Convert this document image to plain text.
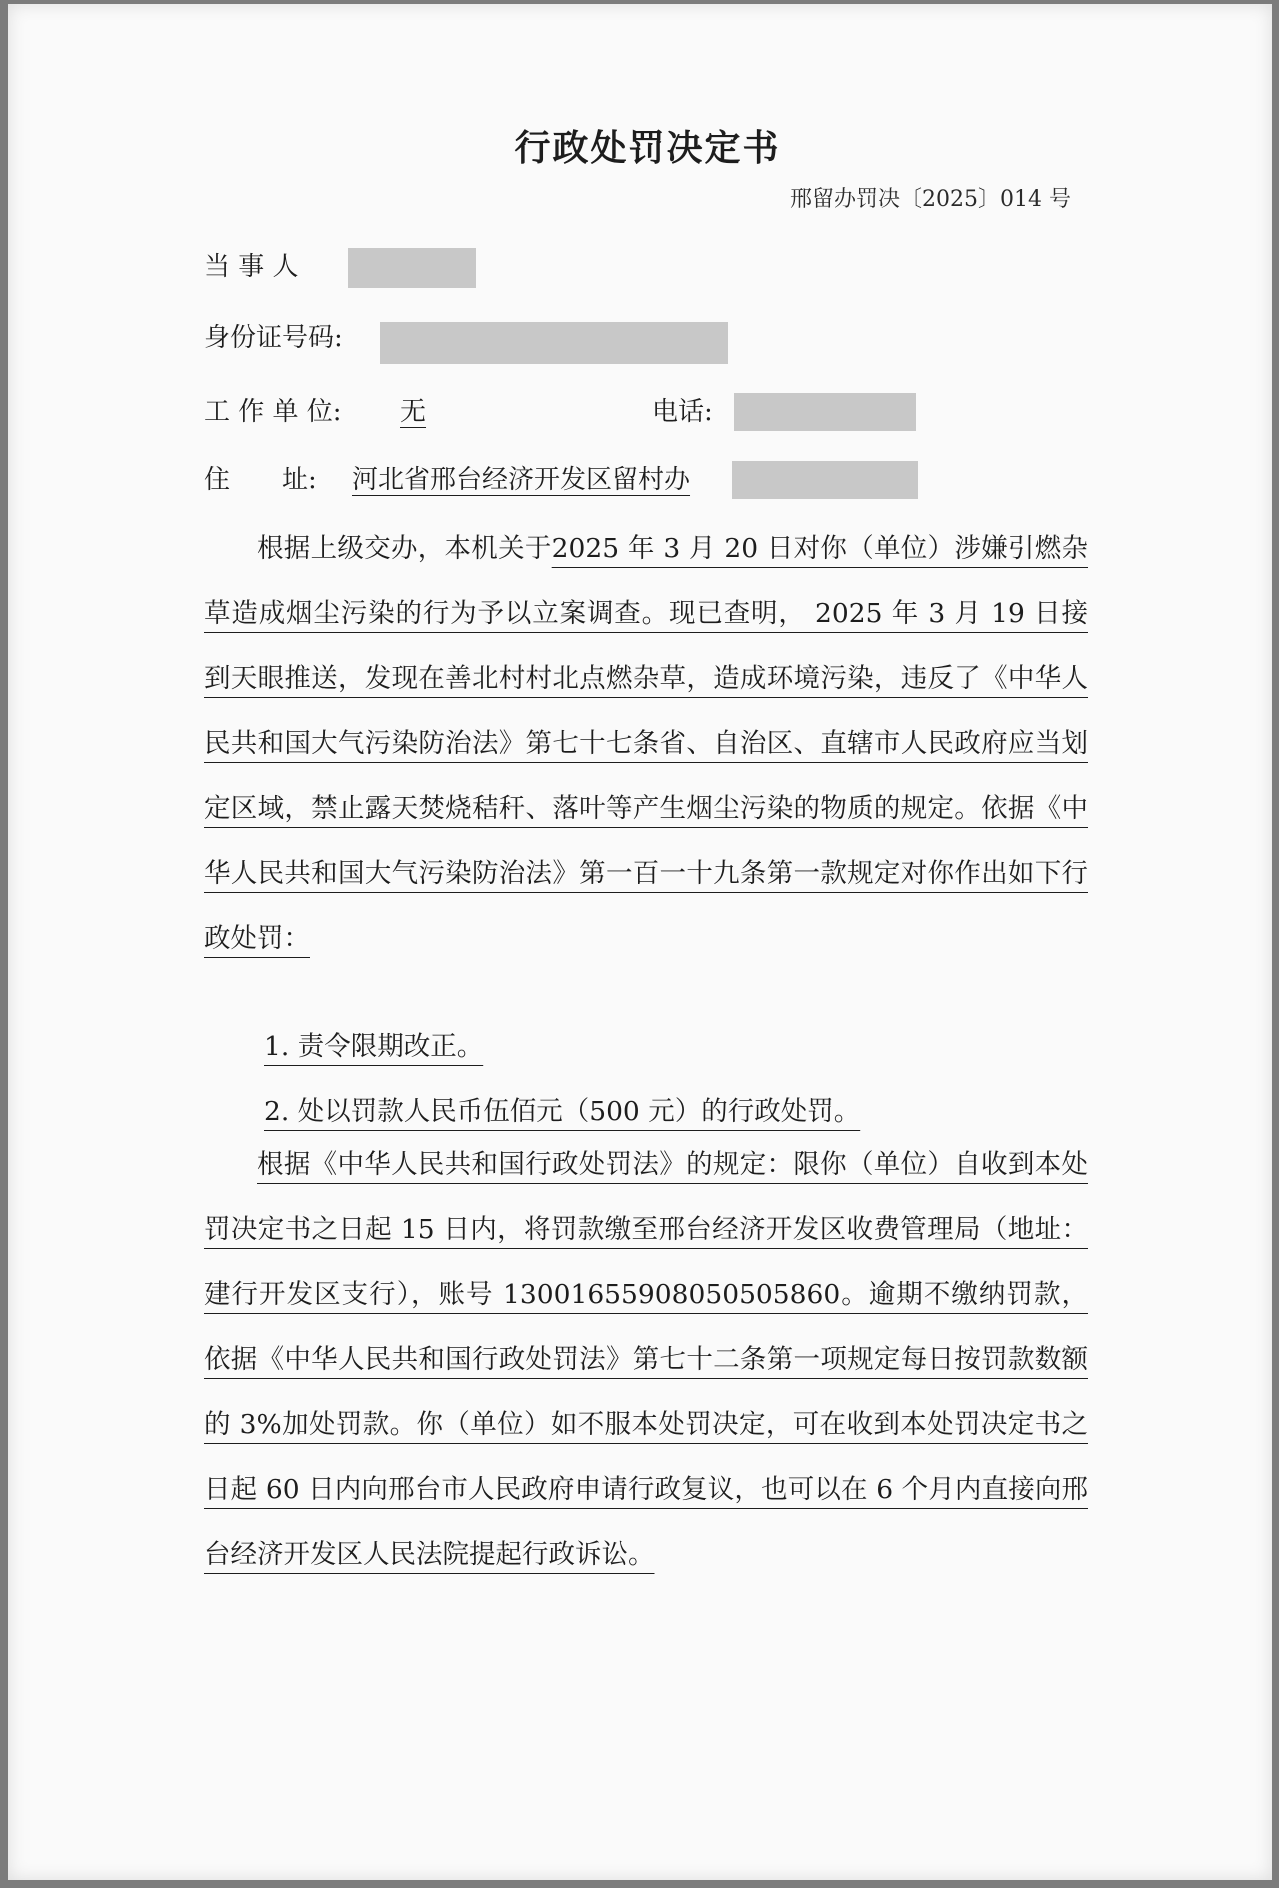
行政处罚决定书
邢留办罚决〔2025〕014 号
当 事 人
身份证号码:
工 作 单 位: 无	电话:
住　　址: 河北省邢台经济开发区留村办

根据上级交办，本机关于2025 年 3 月 20 日对你（单位）涉嫌引燃杂草造成烟尘污染的行为予以立案调查。现已查明， 2025 年 3 月 19 日接到天眼推送，发现在善北村村北点燃杂草，造成环境污染，违反了《中华人民共和国大气污染防治法》第七十七条省、自治区、直辖市人民政府应当划定区域，禁止露天焚烧秸秆、落叶等产生烟尘污染的物质的规定。依据《中华人民共和国大气污染防治法》第一百一十九条第一款规定对你作出如下行政处罚：

1. 责令限期改正。
2. 处以罚款人民币伍佰元（500 元）的行政处罚。

根据《中华人民共和国行政处罚法》的规定：限你（单位）自收到本处罚决定书之日起 15 日内，将罚款缴至邢台经济开发区收费管理局（地址：建行开发区支行），账号 13001655908050505860。逾期不缴纳罚款，依据《中华人民共和国行政处罚法》第七十二条第一项规定每日按罚款数额的 3%加处罚款。你（单位）如不服本处罚决定，可在收到本处罚决定书之日起 60 日内向邢台市人民政府申请行政复议，也可以在 6 个月内直接向邢台经济开发区人民法院提起行政诉讼。
